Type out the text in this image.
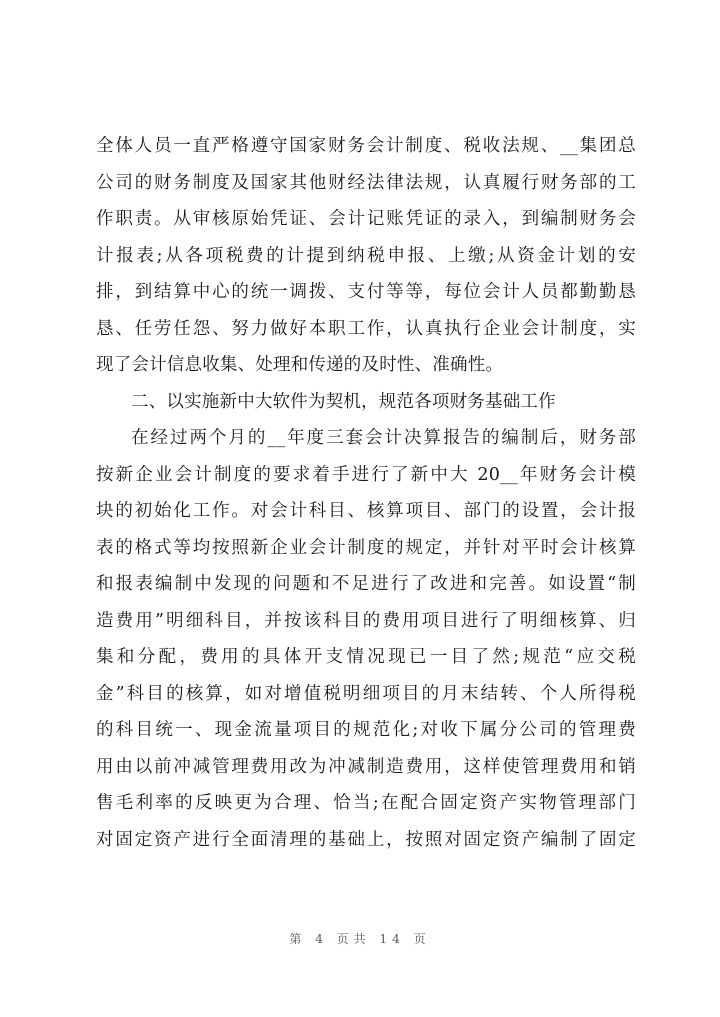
全体人员一直严格遵守国家财务会计制度、税收法规、__集团总
公司的财务制度及国家其他财经法律法规，认真履行财务部的工
作职责。从审核原始凭证、会计记账凭证的录入，到编制财务会
计报表;从各项税费的计提到纳税申报、上缴;从资金计划的安
排，到结算中心的统一调拨、支付等等，每位会计人员都勤勤恳
恳、任劳任怨、努力做好本职工作，认真执行企业会计制度，实
现了会计信息收集、处理和传递的及时性、准确性。
二、以实施新中大软件为契机，规范各项财务基础工作
在经过两个月的__年度三套会计决算报告的编制后，财务部
按新企业会计制度的要求着手进行了新中大 20__年财务会计模
块的初始化工作。对会计科目、核算项目、部门的设置，会计报
表的格式等均按照新企业会计制度的规定，并针对平时会计核算
和报表编制中发现的问题和不足进行了改进和完善。如设置“制
造费用”明细科目，并按该科目的费用项目进行了明细核算、归
集和分配，费用的具体开支情况现已一目了然;规范“应交税
金”科目的核算，如对增值税明细项目的月末结转、个人所得税
的科目统一、现金流量项目的规范化;对收下属分公司的管理费
用由以前冲减管理费用改为冲减制造费用，这样使管理费用和销
售毛利率的反映更为合理、恰当;在配合固定资产实物管理部门
对固定资产进行全面清理的基础上，按照对固定资产编制了固定
第 4 页共 14 页
